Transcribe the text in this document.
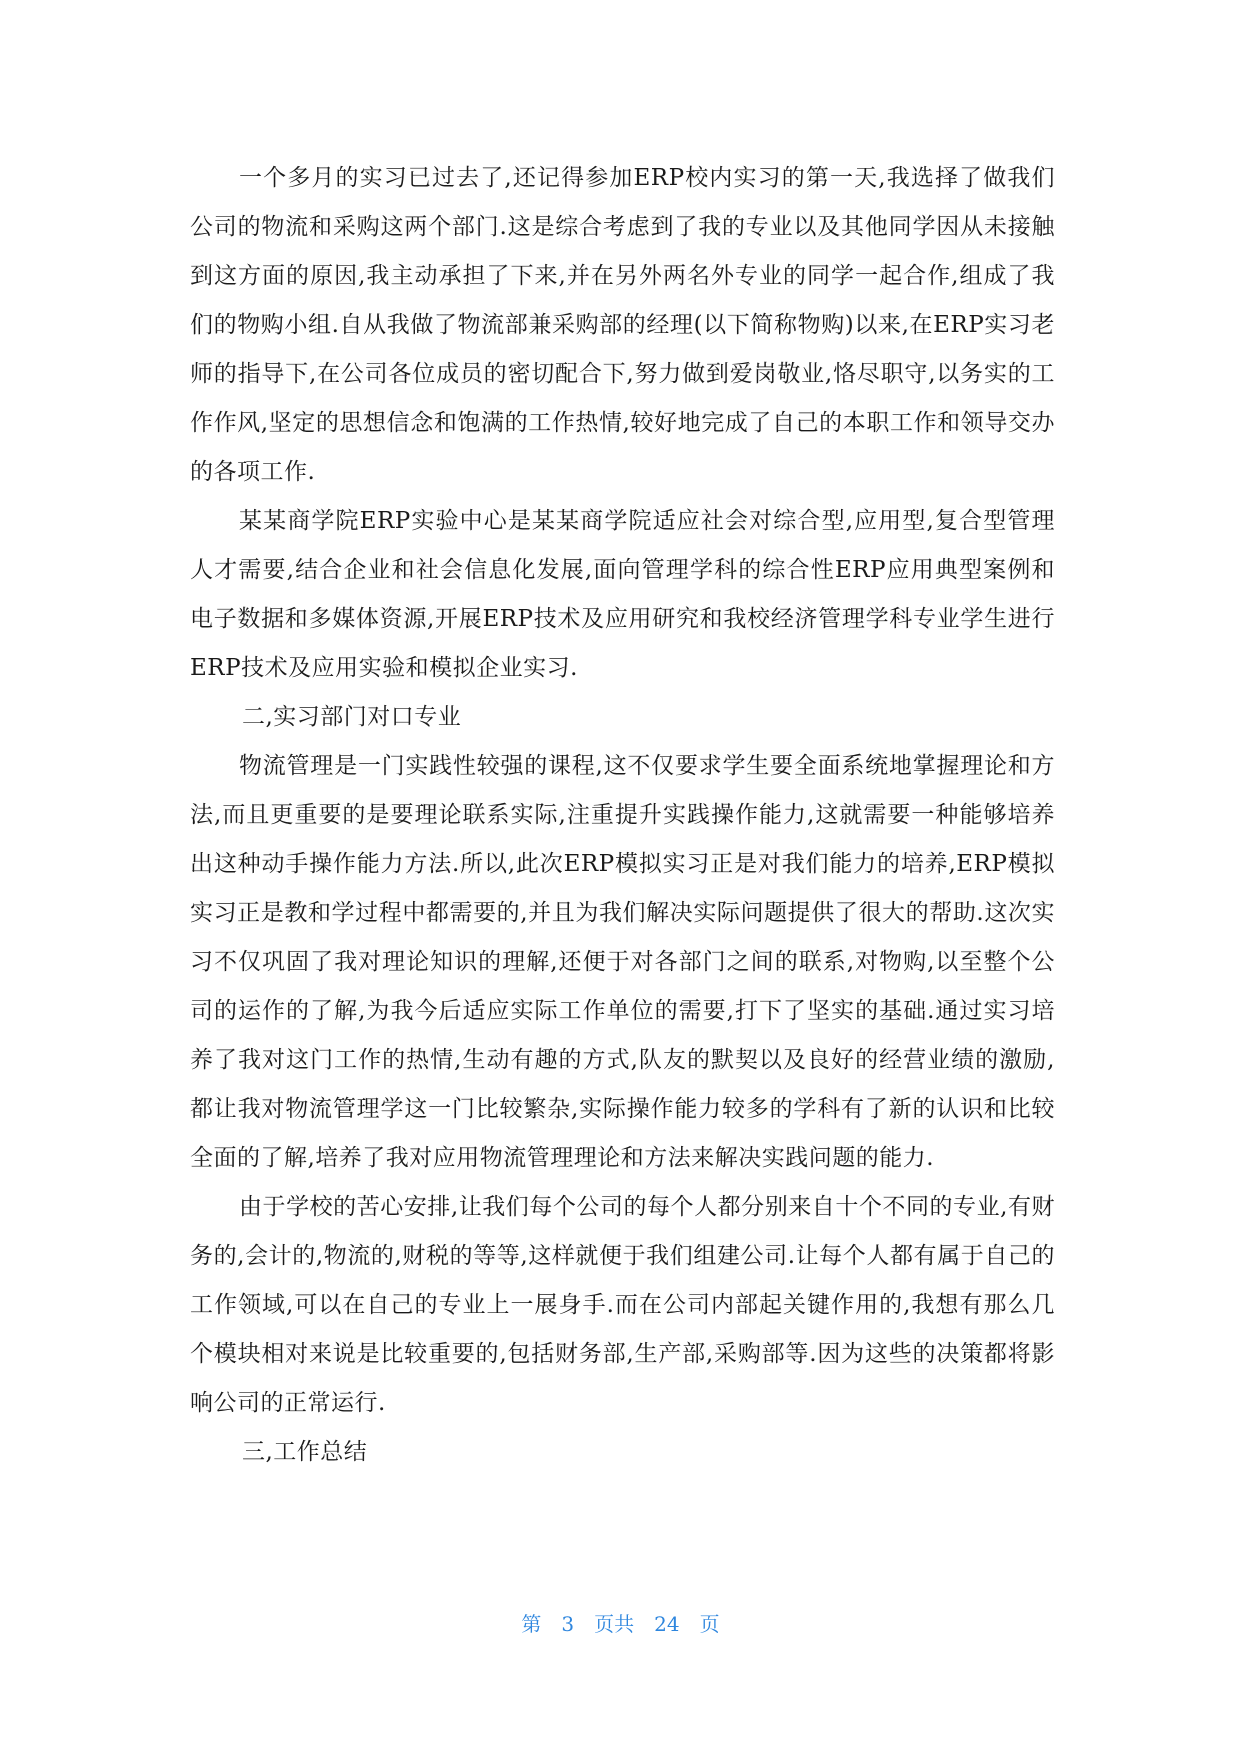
一个多月的实习已过去了,还记得参加ERP校内实习的第一天,我选择了做我们公司的物流和采购这两个部门.这是综合考虑到了我的专业以及其他同学因从未接触到这方面的原因,我主动承担了下来,并在另外两名外专业的同学一起合作,组成了我们的物购小组.自从我做了物流部兼采购部的经理(以下简称物购)以来,在ERP实习老师的指导下,在公司各位成员的密切配合下,努力做到爱岗敬业,恪尽职守,以务实的工作作风,坚定的思想信念和饱满的工作热情,较好地完成了自己的本职工作和领导交办的各项工作.

某某商学院ERP实验中心是某某商学院适应社会对综合型,应用型,复合型管理人才需要,结合企业和社会信息化发展,面向管理学科的综合性ERP应用典型案例和电子数据和多媒体资源,开展ERP技术及应用研究和我校经济管理学科专业学生进行ERP技术及应用实验和模拟企业实习.

二,实习部门对口专业

物流管理是一门实践性较强的课程,这不仅要求学生要全面系统地掌握理论和方法,而且更重要的是要理论联系实际,注重提升实践操作能力,这就需要一种能够培养出这种动手操作能力方法.所以,此次ERP模拟实习正是对我们能力的培养,ERP模拟实习正是教和学过程中都需要的,并且为我们解决实际问题提供了很大的帮助.这次实习不仅巩固了我对理论知识的理解,还便于对各部门之间的联系,对物购,以至整个公司的运作的了解,为我今后适应实际工作单位的需要,打下了坚实的基础.通过实习培养了我对这门工作的热情,生动有趣的方式,队友的默契以及良好的经营业绩的激励,都让我对物流管理学这一门比较繁杂,实际操作能力较多的学科有了新的认识和比较全面的了解,培养了我对应用物流管理理论和方法来解决实践问题的能力.

由于学校的苦心安排,让我们每个公司的每个人都分别来自十个不同的专业,有财务的,会计的,物流的,财税的等等,这样就便于我们组建公司.让每个人都有属于自己的工作领域,可以在自己的专业上一展身手.而在公司内部起关键作用的,我想有那么几个模块相对来说是比较重要的,包括财务部,生产部,采购部等.因为这些的决策都将影响公司的正常运行.

三,工作总结

第 3 页共 24 页
